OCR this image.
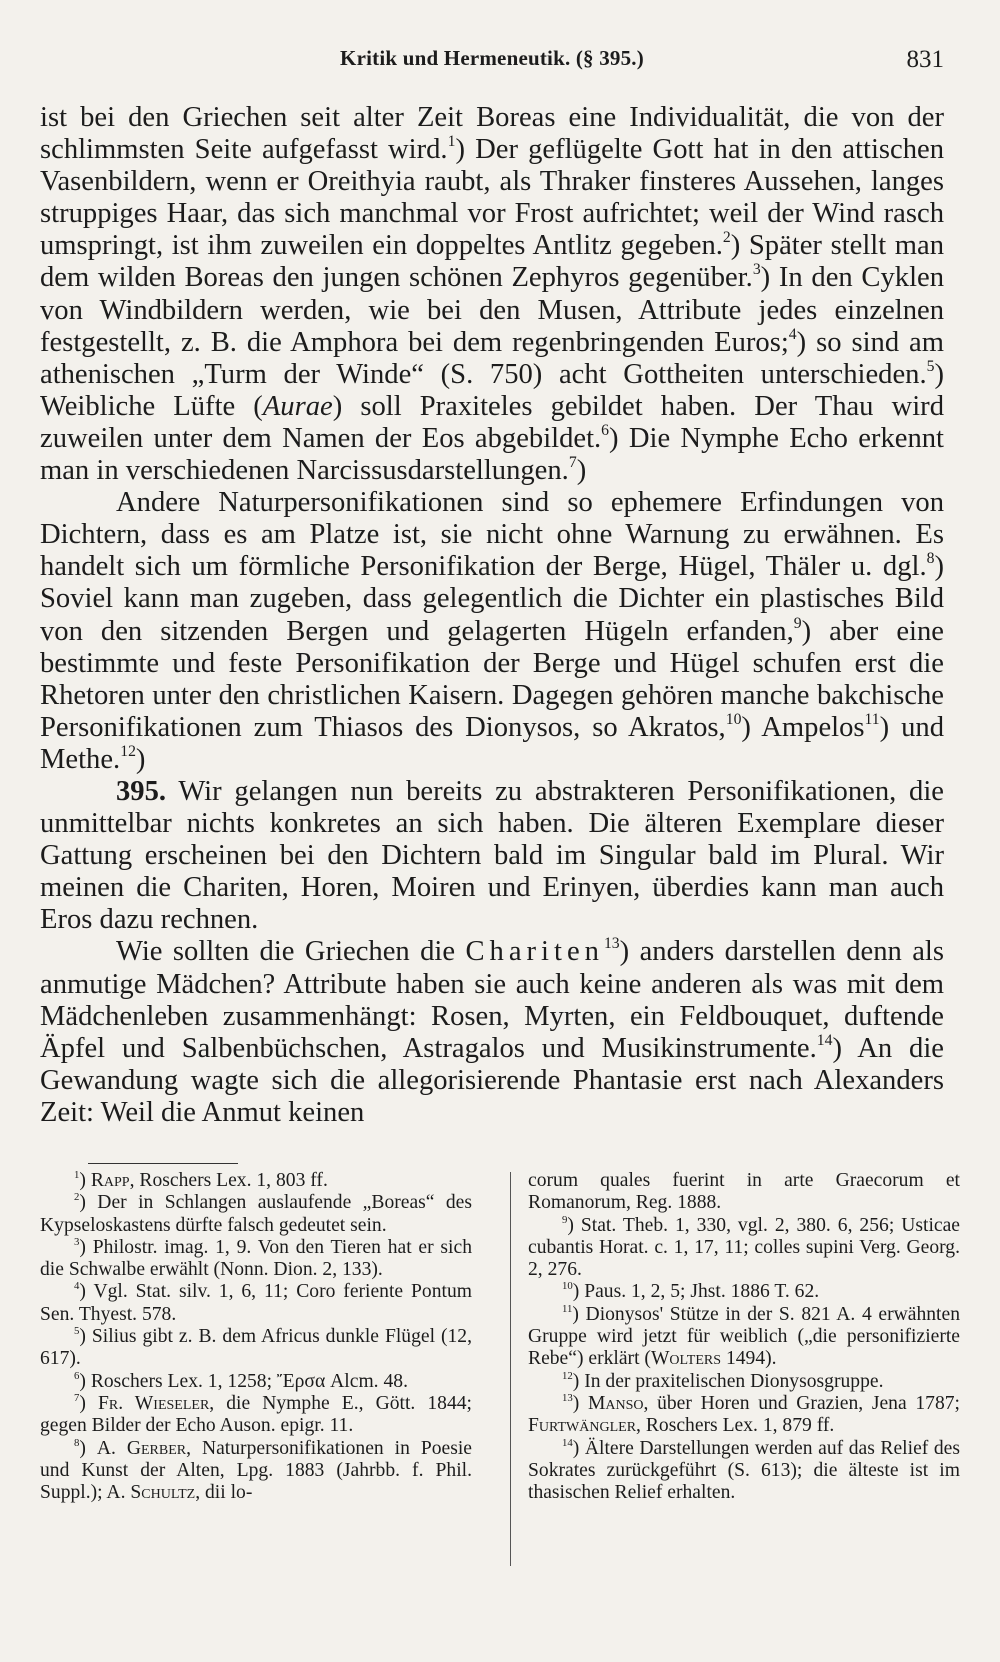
Kritik und Hermeneutik. (§ 395.)	831

ist bei den Griechen seit alter Zeit Boreas eine Individualität, die von der schlimmsten Seite aufgefasst wird.$^1$) Der geflügelte Gott hat in den attischen Vasenbildern, wenn er Oreithyia raubt, als Thraker finsteres Aussehen, langes struppiges Haar, das sich manchmal vor Frost aufrichtet; weil der Wind rasch umspringt, ist ihm zuweilen ein doppeltes Antlitz gegeben.$^2$) Später stellt man dem wilden Boreas den jungen schönen Zephyros gegenüber.$^3$) In den Cyklen von Windbildern werden, wie bei den Musen, Attribute jedes einzelnen festgestellt, z. B. die Amphora bei dem regenbringenden Euros;$^4$) so sind am athenischen „Turm der Winde“ (S. 750) acht Gottheiten unterschieden.$^5$) Weibliche Lüfte (Aurae) soll Praxiteles gebildet haben. Der Thau wird zuweilen unter dem Namen der Eos abgebildet.$^6$) Die Nymphe Echo erkennt man in verschiedenen Narcissusdarstellungen.$^7$)

Andere Naturpersonifikationen sind so ephemere Erfindungen von Dichtern, dass es am Platze ist, sie nicht ohne Warnung zu erwähnen. Es handelt sich um förmliche Personifikation der Berge, Hügel, Thäler u. dgl.$^8$) Soviel kann man zugeben, dass gelegentlich die Dichter ein plastisches Bild von den sitzenden Bergen und gelagerten Hügeln erfanden,$^9$) aber eine bestimmte und feste Personifikation der Berge und Hügel schufen erst die Rhetoren unter den christlichen Kaisern. Dagegen gehören manche bakchische Personifikationen zum Thiasos des Dionysos, so Akratos,$^{10}$) Ampelos$^{11}$) und Methe.$^{12}$)

395. Wir gelangen nun bereits zu abstrakteren Personifikationen, die unmittelbar nichts konkretes an sich haben. Die älteren Exemplare dieser Gattung erscheinen bei den Dichtern bald im Singular bald im Plural. Wir meinen die Chariten, Horen, Moiren und Erinyen, überdies kann man auch Eros dazu rechnen.

Wie sollten die Griechen die Chariten$^{13}$) anders darstellen denn als anmutige Mädchen? Attribute haben sie auch keine anderen als was mit dem Mädchenleben zusammenhängt: Rosen, Myrten, ein Feldbouquet, duftende Äpfel und Salbenbüchschen, Astragalos und Musikinstrumente.$^{14}$) An die Gewandung wagte sich die allegorisierende Phantasie erst nach Alexanders Zeit: Weil die Anmut keinen

$^1$) Rapp, Roschers Lex. 1, 803 ff.

$^2$) Der in Schlangen auslaufende „Boreas“ des Kypseloskastens dürfte falsch gedeutet sein.

$^3$) Philostr. imag. 1, 9. Von den Tieren hat er sich die Schwalbe erwählt (Nonn. Dion. 2, 133).

$^4$) Vgl. Stat. silv. 1, 6, 11; Coro feriente Pontum Sen. Thyest. 578.

$^5$) Silius gibt z. B. dem Africus dunkle Flügel (12, 617).

$^6$) Roschers Lex. 1, 1258; Ἔρσα Alcm. 48.

$^7$) Fr. Wieseler, die Nymphe E., Gött. 1844; gegen Bilder der Echo Auson. epigr. 11.

$^8$) A. Gerber, Naturpersonifikationen in Poesie und Kunst der Alten, Lpg. 1883 (Jahrbb. f. Phil. Suppl.); A. Schultz, dii lo-

corum quales fuerint in arte Graecorum et Romanorum, Reg. 1888.

$^9$) Stat. Theb. 1, 330, vgl. 2, 380. 6, 256; Usticae cubantis Horat. c. 1, 17, 11; colles supini Verg. Georg. 2, 276.

$^{10}$) Paus. 1, 2, 5; Jhst. 1886 T. 62.

$^{11}$) Dionysos' Stütze in der S. 821 A. 4 erwähnten Gruppe wird jetzt für weiblich („die personifizierte Rebe“) erklärt (Wolters 1494).

$^{12}$) In der praxitelischen Dionysosgruppe.

$^{13}$) Manso, über Horen und Grazien, Jena 1787; Furtwängler, Roschers Lex. 1, 879 ff.

$^{14}$) Ältere Darstellungen werden auf das Relief des Sokrates zurückgeführt (S. 613); die älteste ist im thasischen Relief erhalten.
